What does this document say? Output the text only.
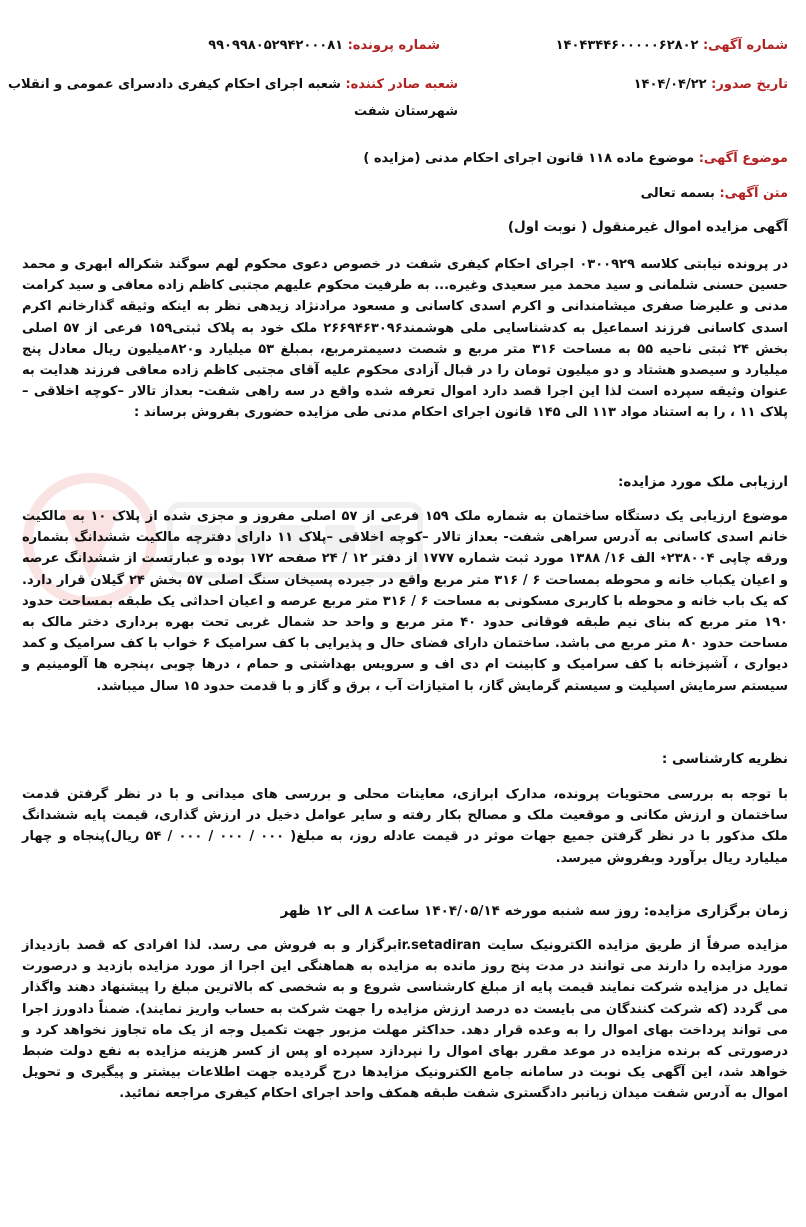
شماره آگهی: ۱۴۰۴۳۴۴۶۰۰۰۰۰۶۲۸۰۲
شماره پرونده: ۹۹۰۹۹۸۰۵۲۹۴۲۰۰۰۸۱
تاریخ صدور: ۱۴۰۴/۰۴/۲۲
شعبه صادر کننده: شعبه اجرای احکام کیفری دادسرای عمومی و انقلاب
شهرستان شفت
موضوع آگهی: موضوع ماده ۱۱۸ قانون اجرای احکام مدنی (مزایده )
متن آگهی: بسمه تعالی
آگهی مزایده اموال غیرمنقول ( نوبت اول)
در پرونده نیابتی کلاسه ۰۳۰۰۹۲۹ اجرای احکام کیفری شفت در خصوص دعوی محکوم لهم سوگند شکراله ابهری و محمد حسین حسنی شلمانی و سید محمد میر سعیدی وغیره... به طرفیت محکوم علیهم مجتبی کاظم زاده معافی و سید کرامت مدنی و علیرضا صفری میشامندانی و اکرم اسدی کاسانی و مسعود مرادنژاد زیدهی نظر به اینکه وثیقه گذارخانم اکرم اسدی کاسانی فرزند اسماعیل به کدشناسایی ملی هوشمند۲۶۶۹۴۶۳۰۹۶ ملک خود به پلاک ثبتی۱۵۹ فرعی از ۵۷ اصلی بخش ۲۴ ثبتی ناحیه ۵۵ به مساحت ۳۱۶ متر مربع و شصت دسیمترمربع، بمبلغ ۵۳ میلیارد و۸۲۰میلیون ریال معادل پنج میلیارد و سیصدو هشتاد و دو میلیون تومان را در قبال آزادی محکوم علیه آقای مجتبی کاظم زاده معافی فرزند هدایت به عنوان وثیقه سپرده است لذا این اجرا قصد دارد اموال تعرفه شده واقع در سه راهی شفت- بعداز تالار –کوچه اخلاقی –پلاک ۱۱ ، را به استناد مواد ۱۱۳ الی ۱۴۵ قانون اجرای احکام مدنی طی مزایده حضوری بفروش برساند :
ارزیابی ملک مورد مزایده:
موضوع ارزیابی یک دستگاه ساختمان به شماره ملک ۱۵۹ فرعی از ۵۷ اصلی مفروز و مجزی شده از پلاک ۱۰ به مالکیت خانم اسدی کاسانی به آدرس سراهی شفت- بعداز تالار –کوچه اخلاقی –پلاک ۱۱ دارای دفترچه مالکیت ششدانگ بشماره ورقه چاپی ۲۳۸۰۰۴٭ الف ۱۶/ ۱۳۸۸ مورد ثبت شماره ۱۷۷۷ از دفتر ۱۲ / ۲۴ صفحه ۱۷۲ بوده و عبارتست از ششدانگ عرصه و اعیان یکباب خانه و محوطه بمساحت ۶ / ۳۱۶ متر مربع واقع در جیرده پسیخان سنگ اصلی ۵۷ بخش ۲۴ گیلان قرار دارد. که یک باب خانه و محوطه با کاربری مسکونی به مساحت ۶ / ۳۱۶ متر مربع عرصه و اعیان احداثی یک طبقه بمساحت حدود ۱۹۰ متر مربع که بنای نیم طبقه فوقانی حدود ۴۰ متر مربع و واحد حد شمال غربی تحت بهره برداری دختر مالک به مساحت حدود ۸۰ متر مربع می باشد. ساختمان دارای فضای حال و پذیرایی با کف سرامیک ۶ خواب با کف سرامیک و کمد دیواری ، آشپزخانه با کف سرامیک و کابینت ام دی اف و سرویس بهداشتی و حمام ، درها چوبی ،پنجره ها آلومینیم و سیستم سرمایش اسپلیت و سیستم گرمایش گاز، با امتیازات آب ، برق و گاز و با قدمت حدود ۱۵ سال میباشد.
نظریه کارشناسی :
با توجه به بررسی محتویات پرونده، مدارک ابرازی، معاینات محلی و بررسی های میدانی و با در نظر گرفتن قدمت ساختمان و ارزش مکانی و موقعیت ملک و مصالح بکار رفته و سایر عوامل دخیل در ارزش گذاری، قیمت پایه ششدانگ ملک مذکور با در نظر گرفتن جمیع جهات موثر در قیمت عادله روز، به مبلغ( ۰۰۰ / ۰۰۰ / ۰۰۰ / ۵۴ ریال)پنجاه و چهار میلیارد ریال برآورد وبفروش میرسد.
زمان برگزاری مزایده: روز سه شنبه مورخه ۱۴۰۴/۰۵/۱۴ ساعت ۸ الی ۱۲ ظهر
مزایده صرفاً از طریق مزایده الکترونیک سایت ir.setadiranبرگزار و به فروش می رسد. لذا افرادی که قصد بازدیداز مورد مزایده را دارند می توانند در مدت پنج روز مانده به مزایده به هماهنگی این اجرا از مورد مزایده بازدید و درصورت تمایل در مزایده شرکت نمایند قیمت پایه از مبلغ کارشناسی شروع و به شخصی که بالاترین مبلغ را پیشنهاد دهند واگذار می گردد (که شرکت کنندگان می بایست ده درصد ارزش مزایده را جهت شرکت به حساب واریز نمایند). ضمناً دادورز اجرا می تواند پرداخت بهای اموال را به وعده قرار دهد. حداکثر مهلت مزبور جهت تکمیل وجه از یک ماه تجاوز نخواهد کرد و درصورتی که برنده مزایده در موعد مقرر بهای اموال را نپردازد سپرده او پس از کسر هزینه مزایده به نفع دولت ضبط خواهد شد، این آگهی یک نوبت در سامانه جامع الکترونیک مزایدها درج گردیده جهت اطلاعات بیشتر و پیگیری و تحویل اموال به آدرس شفت میدان زبانبر دادگستری شفت طبقه همکف واحد اجرای احکام کیفری مراجعه نمائید.
